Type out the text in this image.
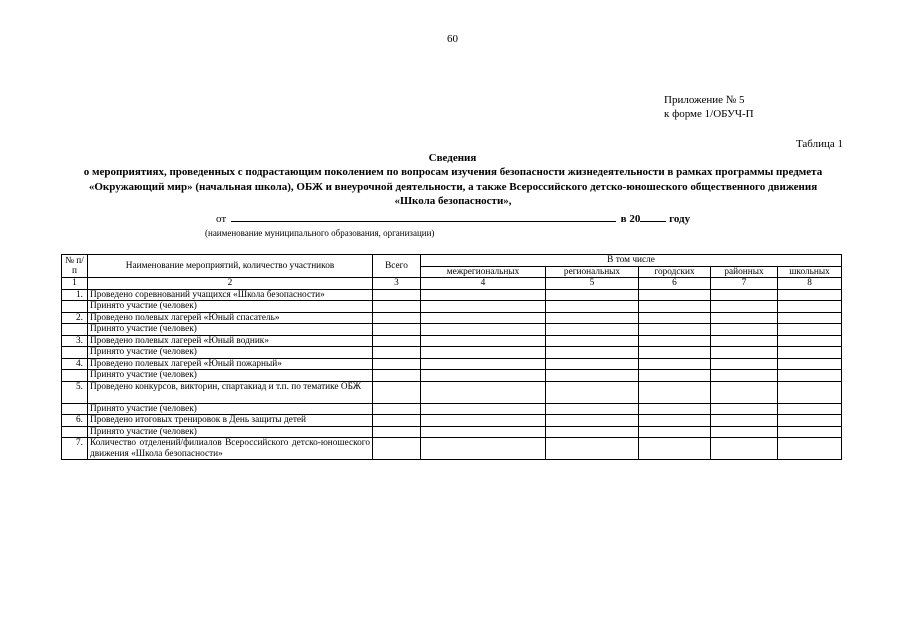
60
Приложение № 5
к форме 1/ОБУЧ-П
Таблица 1
Сведения
о мероприятиях, проведенных с подрастающим поколением по вопросам изучения безопасности жизнедеятельности в рамках программы предмета «Окружающий мир» (начальная школа), ОБЖ и внеурочной деятельности, а также Всероссийского детско-юношеского общественного движения «Школа безопасности»,
от	в 20	году
(наименование муниципального образования, организации)
№ п/п	Наименование мероприятий, количество участников	Всего	В том числе				
			межрегиональных	региональных	городских	районных	школьных
1	2	3	4	5	6	7	8
1.	Проведено соревнований учащихся «Школа безопасности»						
	Принято участие (человек)						
2.	Проведено полевых лагерей «Юный спасатель»						
	Принято участие (человек)						
3.	Проведено полевых лагерей «Юный водник»						
	Принято участие (человек)						
4.	Проведено полевых лагерей «Юный пожарный»						
	Принято участие (человек)						
5.	Проведено конкурсов, викторин, спартакиад и т.п. по тематике ОБЖ						
	Принято участие (человек)						
6.	Проведено итоговых тренировок в День защиты детей						
	Принято участие (человек)						
7.	Количество отделений/филиалов Всероссийского детско-юношеского движения «Школа безопасности»						
